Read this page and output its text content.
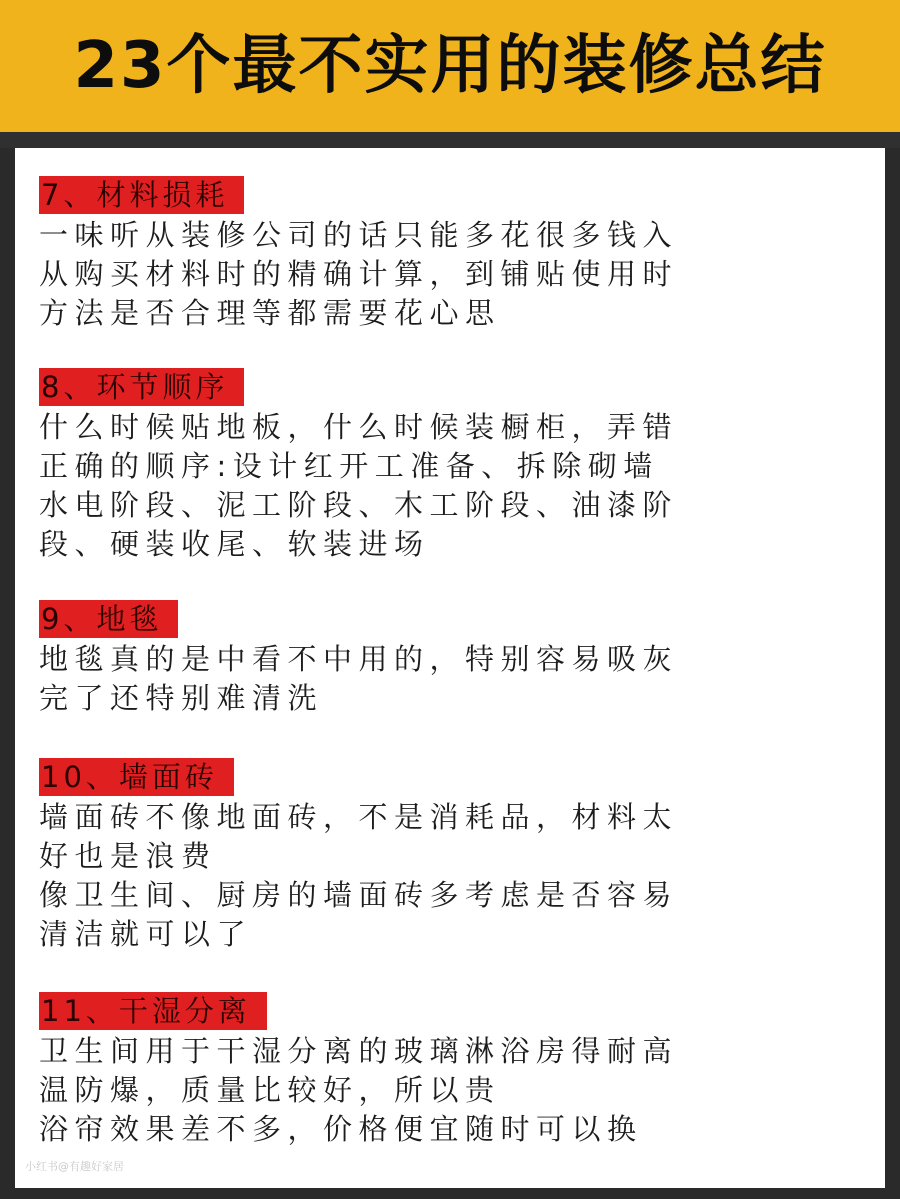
23个最不实用的装修总结
7、材料损耗
一味听从装修公司的话只能多花很多钱入
从购买材料时的精确计算，到铺贴使用时
方法是否合理等都需要花心思
8、环节顺序
什么时候贴地板，什么时候装橱柜，弄错
正确的顺序:设计红开工准备、拆除砌墙
水电阶段、泥工阶段、木工阶段、油漆阶
段、硬装收尾、软装进场
9、地毯
地毯真的是中看不中用的，特别容易吸灰
完了还特别难清洗
10、墙面砖
墙面砖不像地面砖，不是消耗品，材料太
好也是浪费
像卫生间、厨房的墙面砖多考虑是否容易
清洁就可以了
11、干湿分离
卫生间用于干湿分离的玻璃淋浴房得耐高
温防爆，质量比较好，所以贵
浴帘效果差不多，价格便宜随时可以换
小红书@有趣好家居
